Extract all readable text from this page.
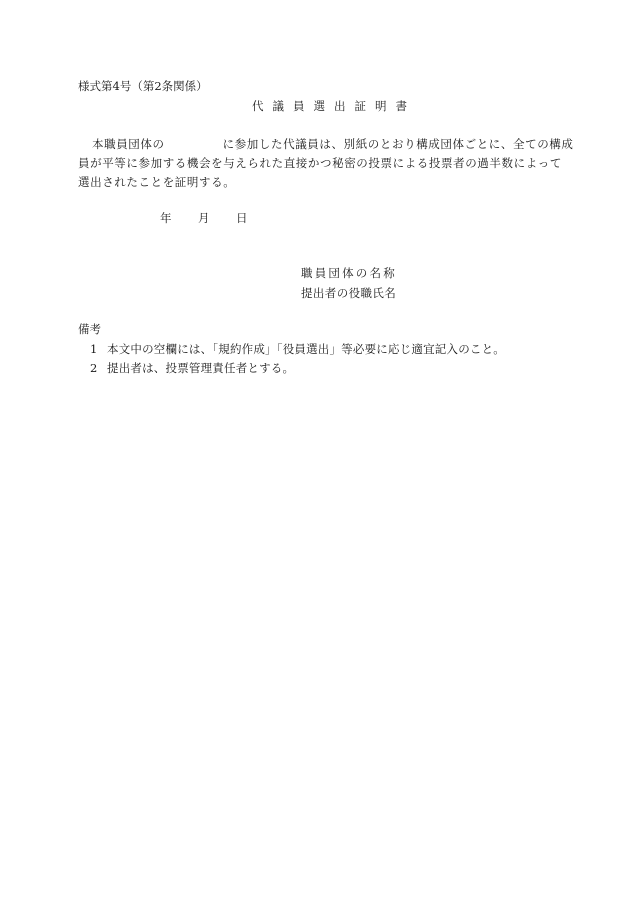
様式第4号（第2条関係）
代議員選出証明書
本職員団体の	に参加した代議員は、別紙のとおり構成団体ごとに、全ての構成
員が平等に参加する機会を与えられた直接かつ秘密の投票による投票者の過半数によって
選出されたことを証明する。
年 月 日
職員団体の名称
提出者の役職氏名
備考
1 本文中の空欄には、「規約作成」「役員選出」等必要に応じ適宜記入のこと。
2 提出者は、投票管理責任者とする。
